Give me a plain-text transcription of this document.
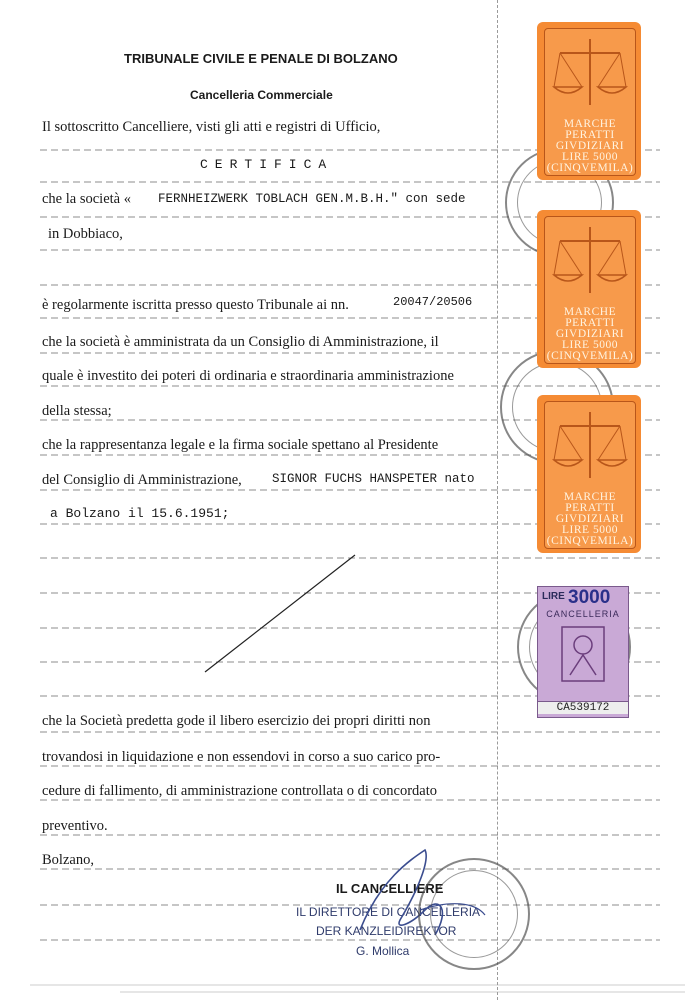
TRIBUNALE CIVILE E PENALE DI BOLZANO
Cancelleria Commerciale
Il sottoscritto Cancelliere, visti gli atti e registri di Ufficio,
CERTIFICA
che la società « FERNHEIZWERK TOBLACH GEN.M.B.H." con sede
in Dobbiaco,
è regolarmente iscritta presso questo Tribunale ai nn.	20047/20506
che la società è amministrata da un Consiglio di Amministrazione, il
quale è investito dei poteri di ordinaria e straordinaria amministrazione
della stessa;
che la rappresentanza legale e la firma sociale spettano al Presidente
del Consiglio di Amministrazione, SIGNOR FUCHS HANSPETER nato
a Bolzano il 15.6.1951;
che la Società predetta gode il libero esercizio dei propri diritti non
trovandosi in liquidazione e non essendovi in corso a suo carico pro-
cedure di fallimento, di amministrazione controllata o di concordato
preventivo.
Bolzano,
IL CANCELLIERE
IL DIRETTORE DI CANCELLERIA
DER KANZLEIDIREKTOR
G. Mollica
MARCHE
PERATTI
GIVDIZIARI
LIRE 5000
(CINQVEMILA)
MARCHE
PERATTI
GIVDIZIARI
LIRE 5000
(CINQVEMILA)
MARCHE
PERATTI
GIVDIZIARI
LIRE 5000
(CINQVEMILA)
LIRE 3000
CANCELLERIA
CA539172
